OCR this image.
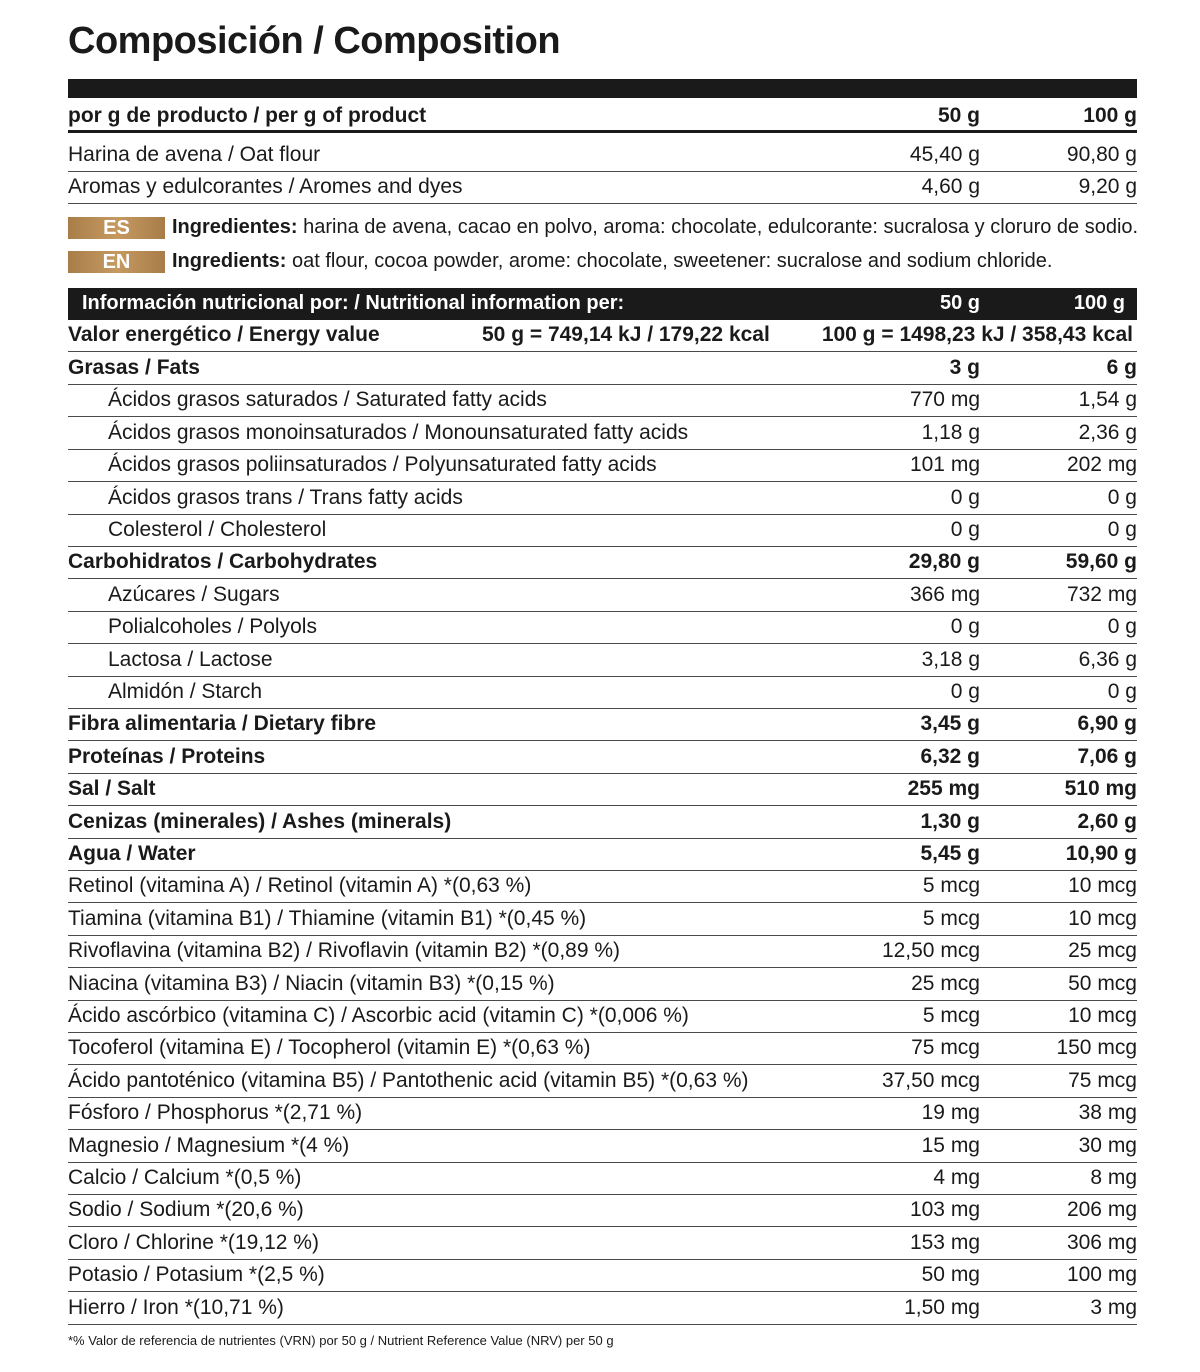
Composición / Composition
por g de producto / per g of product	50 g	100 g
Harina de avena / Oat flour	45,40 g	90,80 g
Aromas y edulcorantes / Aromes and dyes	4,60 g	9,20 g
ES Ingredientes: harina de avena, cacao en polvo, aroma: chocolate, edulcorante: sucralosa y cloruro de sodio.
EN Ingredients: oat flour, cocoa powder, arome: chocolate, sweetener: sucralose and sodium chloride.
Información nutricional por: / Nutritional information per:	50 g	100 g
Valor energético / Energy value	50 g = 749,14 kJ / 179,22 kcal 100 g = 1498,23 kJ / 358,43 kcal
Grasas / Fats	3 g	6 g
Ácidos grasos saturados / Saturated fatty acids	770 mg	1,54 g
Ácidos grasos monoinsaturados / Monounsaturated fatty acids	1,18 g	2,36 g
Ácidos grasos poliinsaturados / Polyunsaturated fatty acids	101 mg	202 mg
Ácidos grasos trans / Trans fatty acids	0 g	0 g
Colesterol / Cholesterol	0 g	0 g
Carbohidratos / Carbohydrates	29,80 g	59,60 g
Azúcares / Sugars	366 mg	732 mg
Polialcoholes / Polyols	0 g	0 g
Lactosa / Lactose	3,18 g	6,36 g
Almidón / Starch	0 g	0 g
Fibra alimentaria / Dietary fibre	3,45 g	6,90 g
Proteínas / Proteins	6,32 g	7,06 g
Sal / Salt	255 mg	510 mg
Cenizas (minerales) / Ashes (minerals)	1,30 g	2,60 g
Agua / Water	5,45 g	10,90 g
Retinol (vitamina A) / Retinol (vitamin A) *(0,63 %)	5 mcg	10 mcg
Tiamina (vitamina B1) / Thiamine (vitamin B1) *(0,45 %)	5 mcg	10 mcg
Rivoflavina (vitamina B2) / Rivoflavin (vitamin B2) *(0,89 %)	12,50 mcg	25 mcg
Niacina (vitamina B3) / Niacin (vitamin B3) *(0,15 %)	25 mcg	50 mcg
Ácido ascórbico (vitamina C) / Ascorbic acid (vitamin C) *(0,006 %)	5 mcg	10 mcg
Tocoferol (vitamina E) / Tocopherol (vitamin E) *(0,63 %)	75 mcg	150 mcg
Ácido pantoténico (vitamina B5) / Pantothenic acid (vitamin B5) *(0,63 %)	37,50 mcg	75 mcg
Fósforo / Phosphorus *(2,71 %)	19 mg	38 mg
Magnesio / Magnesium *(4 %)	15 mg	30 mg
Calcio / Calcium *(0,5 %)	4 mg	8 mg
Sodio / Sodium *(20,6 %)	103 mg	206 mg
Cloro / Chlorine *(19,12 %)	153 mg	306 mg
Potasio / Potasium *(2,5 %)	50 mg	100 mg
Hierro / Iron *(10,71 %)	1,50 mg	3 mg
*% Valor de referencia de nutrientes (VRN) por 50 g / Nutrient Reference Value (NRV) per 50 g
